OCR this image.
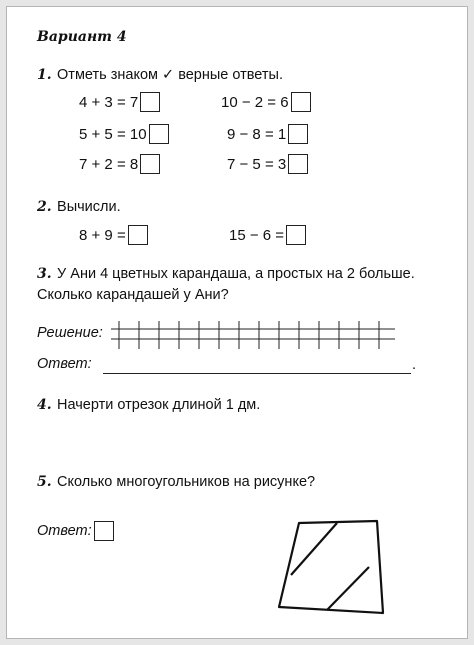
Вариант 4
1. Отметь знаком ✓ верные ответы.
4 + 3 = 7	10 − 2 = 6
5 + 5 = 10	9 − 8 = 1
7 + 2 = 8	7 − 5 = 3
2. Вычисли.
8 + 9 =	15 − 6 =
3. У Ани 4 цветных карандаша, а простых на 2 больше.
Сколько карандашей у Ани?
Решение:
Ответ:	.
4. Начерти отрезок длиной 1 дм.
5. Сколько многоугольников на рисунке?
Ответ:
